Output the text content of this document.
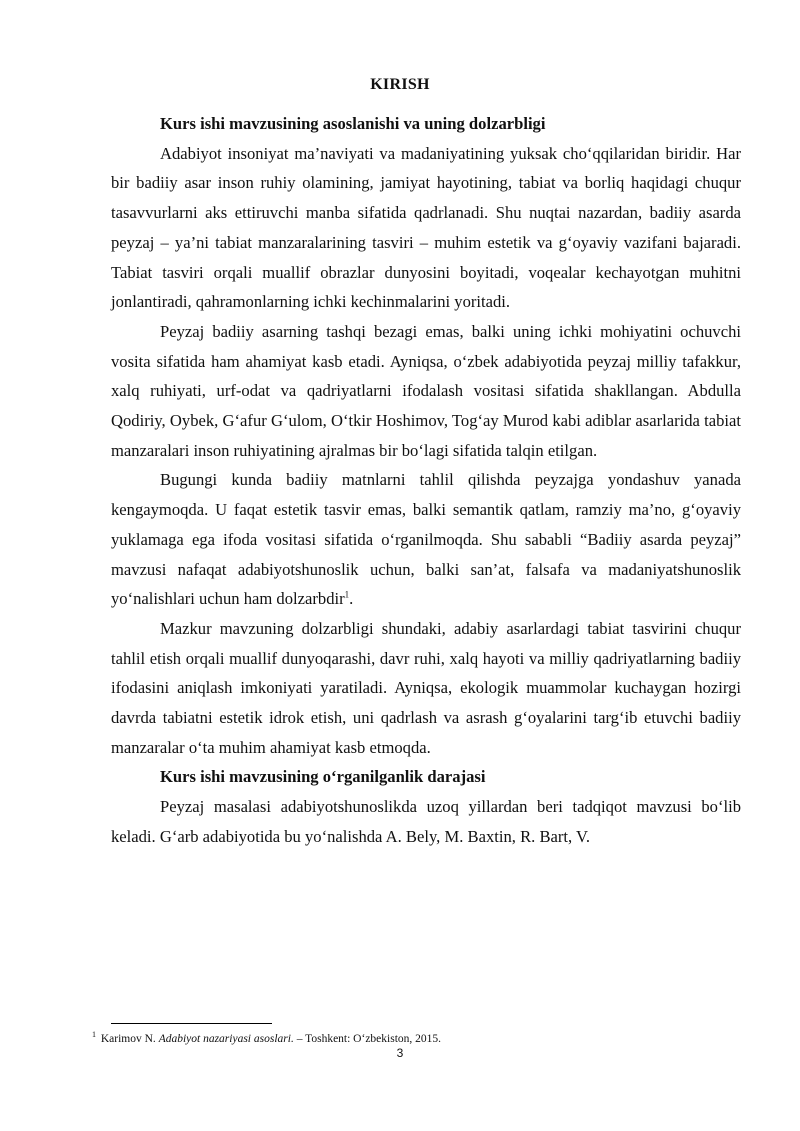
KIRISH

Kurs ishi mavzusining asoslanishi va uning dolzarbligi

Adabiyot insoniyat ma’naviyati va madaniyatining yuksak cho‘qqilaridan biridir. Har bir badiiy asar inson ruhiy olamining, jamiyat hayotining, tabiat va borliq haqidagi chuqur tasavvurlarni aks ettiruvchi manba sifatida qadrlanadi. Shu nuqtai nazardan, badiiy asarda peyzaj – ya’ni tabiat manzaralarining tasviri – muhim estetik va g‘oyaviy vazifani bajaradi. Tabiat tasviri orqali muallif obrazlar dunyosini boyitadi, voqealar kechayotgan muhitni jonlantiradi, qahramonlarning ichki kechinmalarini yoritadi.

Peyzaj badiiy asarning tashqi bezagi emas, balki uning ichki mohiyatini ochuvchi vosita sifatida ham ahamiyat kasb etadi. Ayniqsa, o‘zbek adabiyotida peyzaj milliy tafakkur, xalq ruhiyati, urf-odat va qadriyatlarni ifodalash vositasi sifatida shakllangan. Abdulla Qodiriy, Oybek, G‘afur G‘ulom, O‘tkir Hoshimov, Tog‘ay Murod kabi adiblar asarlarida tabiat manzaralari inson ruhiyatining ajralmas bir bo‘lagi sifatida talqin etilgan.

Bugungi kunda badiiy matnlarni tahlil qilishda peyzajga yondashuv yanada kengaymoqda. U faqat estetik tasvir emas, balki semantik qatlam, ramziy ma’no, g‘oyaviy yuklamaga ega ifoda vositasi sifatida o‘rganilmoqda. Shu sababli “Badiiy asarda peyzaj” mavzusi nafaqat adabiyotshunoslik uchun, balki san’at, falsafa va madaniyatshunoslik yo‘nalishlari uchun ham dolzarbdir$^1$.

Mazkur mavzuning dolzarbligi shundaki, adabiy asarlardagi tabiat tasvirini chuqur tahlil etish orqali muallif dunyoqarashi, davr ruhi, xalq hayoti va milliy qadriyatlarning badiiy ifodasini aniqlash imkoniyati yaratiladi. Ayniqsa, ekologik muammolar kuchaygan hozirgi davrda tabiatni estetik idrok etish, uni qadrlash va asrash g‘oyalarini targ‘ib etuvchi badiiy manzaralar o‘ta muhim ahamiyat kasb etmoqda.

Kurs ishi mavzusining o‘rganilganlik darajasi

Peyzaj masalasi adabiyotshunoslikda uzoq yillardan beri tadqiqot mavzusi bo‘lib keladi. G‘arb adabiyotida bu yo‘nalishda A. Bely, M. Baxtin, R. Bart, V.

$^1$ Karimov N. Adabiyot nazariyasi asoslari. – Toshkent: O‘zbekiston, 2015.
3
